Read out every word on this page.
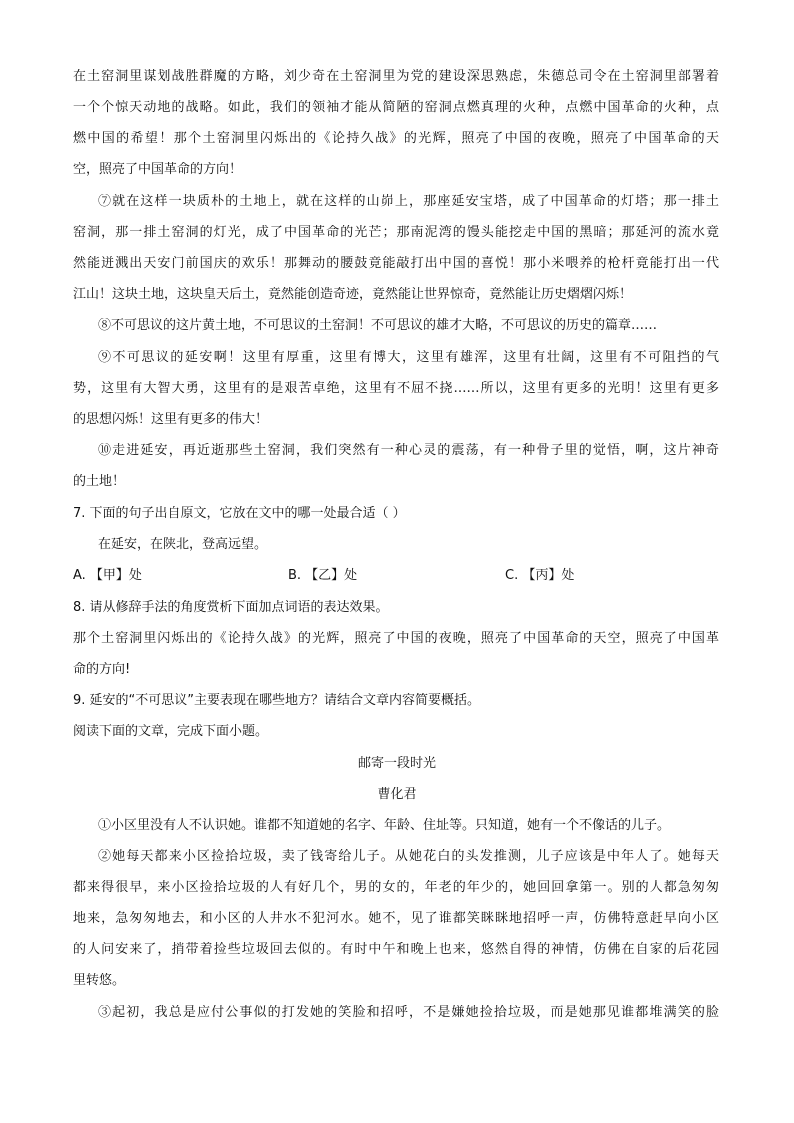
在土窑洞里谋划战胜群魔的方略，刘少奇在土窑洞里为党的建设深思熟虑，朱德总司令在土窑洞里部署着
一个个惊天动地的战略。如此，我们的领袖才能从简陋的窑洞点燃真理的火种，点燃中国革命的火种，点
燃中国的希望！那个土窑洞里闪烁出的《论持久战》的光辉，照亮了中国的夜晚，照亮了中国革命的天
空，照亮了中国革命的方向！
⑦就在这样一块质朴的土地上，就在这样的山峁上，那座延安宝塔，成了中国革命的灯塔；那一排土
窑洞，那一排土窑洞的灯光，成了中国革命的光芒；那南泥湾的馒头能挖走中国的黑暗；那延河的流水竟
然能迸溅出天安门前国庆的欢乐！那舞动的腰鼓竟能敲打出中国的喜悦！那小米喂养的枪杆竟能打出一代
江山！这块土地，这块皇天后土，竟然能创造奇迹，竟然能让世界惊奇，竟然能让历史熠熠闪烁！
⑧不可思议的这片黄土地，不可思议的土窑洞！不可思议的雄才大略，不可思议的历史的篇章……
⑨不可思议的延安啊！这里有厚重，这里有博大，这里有雄浑，这里有壮阔，这里有不可阻挡的气
势，这里有大智大勇，这里有的是艰苦卓绝，这里有不屈不挠……所以，这里有更多的光明！这里有更多
的思想闪烁！这里有更多的伟大！
⑩走进延安，再近逝那些土窑洞，我们突然有一种心灵的震荡，有一种骨子里的觉悟，啊，这片神奇
的土地！
7. 下面的句子出自原文，它放在文中的哪一处最合适（ ）
在延安，在陕北，登高远望。
A. 【甲】处	B. 【乙】处	C. 【丙】处
8. 请从修辞手法的角度赏析下面加点词语的表达效果。
那个土窑洞里闪烁出的《论持久战》的光辉，照亮了中国的夜晚，照亮了中国革命的天空，照亮了中国革
命的方向!
9. 延安的“不可思议”主要表现在哪些地方？请结合文章内容简要概括。
阅读下面的文章，完成下面小题。
邮寄一段时光
曹化君
①小区里没有人不认识她。谁都不知道她的名字、年龄、住址等。只知道，她有一个不像话的儿子。
②她每天都来小区捡拾垃圾，卖了钱寄给儿子。从她花白的头发推测，儿子应该是中年人了。她每天
都来得很早，来小区捡拾垃圾的人有好几个，男的女的，年老的年少的，她回回拿第一。别的人都急匆匆
地来，急匆匆地去，和小区的人井水不犯河水。她不，见了谁都笑眯眯地招呼一声，仿佛特意赶早向小区
的人问安来了，捎带着捡些垃圾回去似的。有时中午和晚上也来，悠然自得的神情，仿佛在自家的后花园
里转悠。
③起初，我总是应付公事似的打发她的笑脸和招呼，不是嫌她捡拾垃圾，而是她那见谁都堆满笑的脸
